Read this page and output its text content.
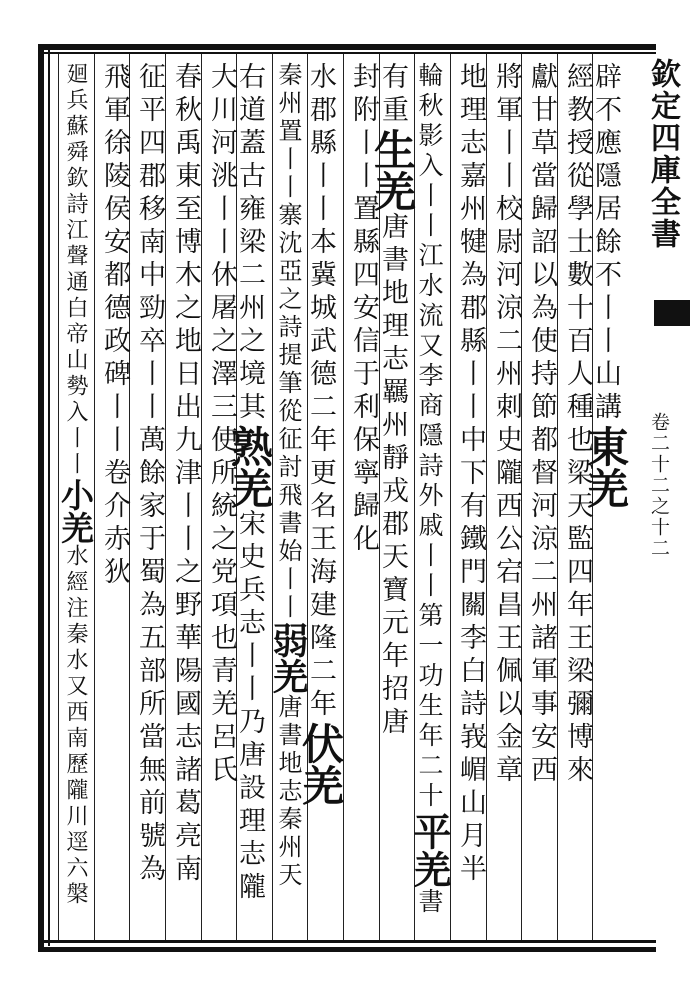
欽定四庫全書
卷二十二之十二
辟不應隱居餘不丨丨山講東羌
經教授從學士數十百人種也梁天監四年王梁彌博來
獻甘草當歸詔以為使持節都督河涼二州諸軍事安西
將軍丨丨校尉河涼二州刺史隴西公宕昌王佩以金章
地理志嘉州犍為郡縣丨丨中下有鐵門關李白詩峩嵋山月半
輪秋影入丨丨江水流又李商隱詩外戚丨丨第一功生年二十平羌書
有重生羌唐書地理志羈州靜戎郡天寶元年招唐
封附丨丨置縣四安信于利保寧歸化
水郡縣丨丨本冀城武德二年更名王海建隆二年伏羌
秦州置丨丨寨沈亞之詩提筆從征討飛書始丨丨弱羌唐書地志秦州天
右道蓋古雍梁二州之境其熟羌宋史兵志丨丨乃唐設理志隴
大川河洮丨丨休屠之澤三使所統之党項也青羌呂氏
春秋禹東至博木之地日出九津丨丨之野華陽國志諸葛亮南
征平四郡移南中勁卒丨丨萬餘家于蜀為五部所當無前號為
飛軍徐陵侯安都德政碑丨丨卷介赤狄
廻兵蘇舜欽詩江聲通白帝山勢入丨丨小羌水經注秦水又西南歷隴川逕六槃
